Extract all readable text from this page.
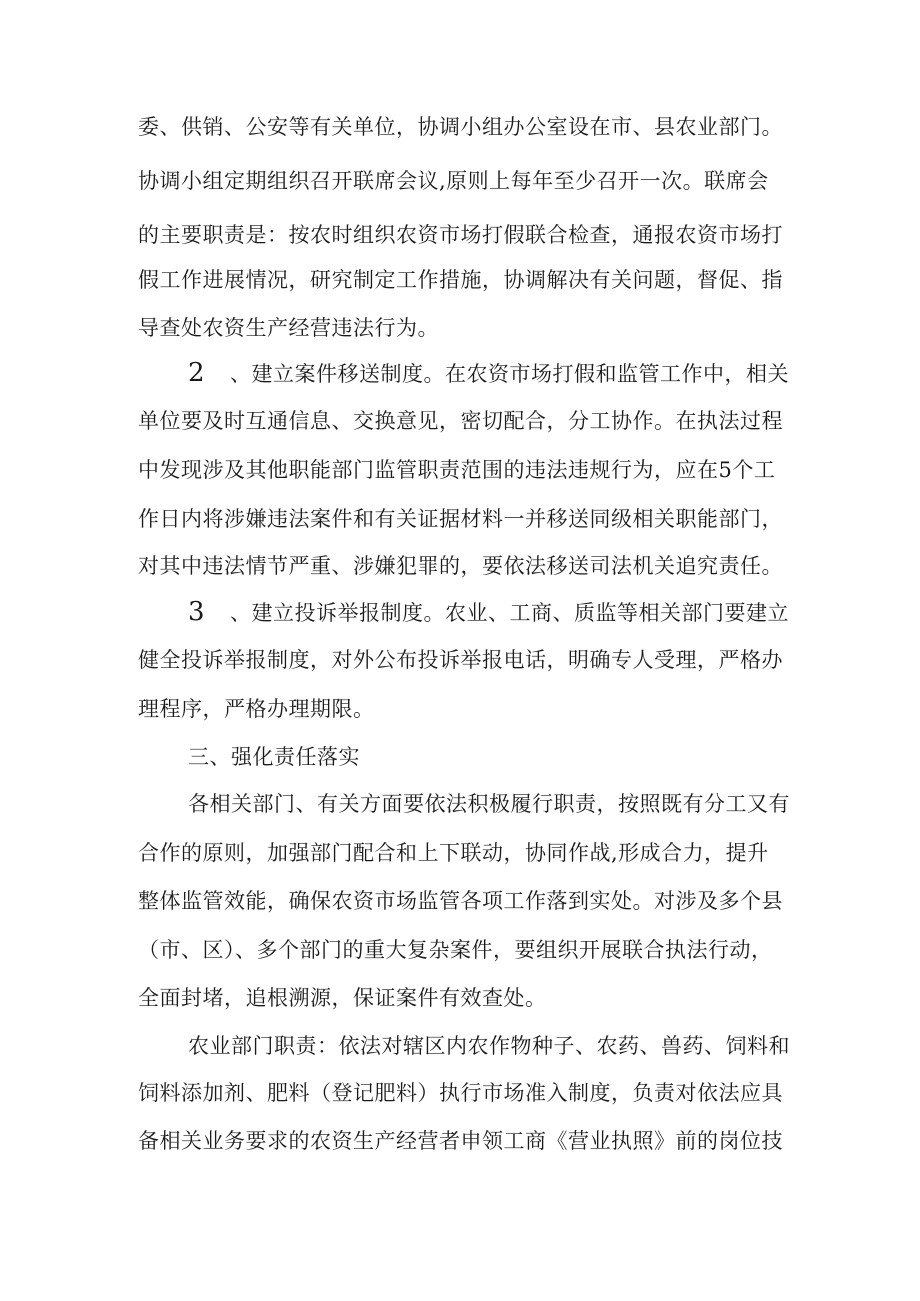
委、供销、公安等有关单位，协调小组办公室设在市、县农业部门。
协调小组定期组织召开联席会议,原则上每年至少召开一次。联席会
的主要职责是：按农时组织农资市场打假联合检查，通报农资市场打
假工作进展情况，研究制定工作措施，协调解决有关问题，督促、指
导查处农资生产经营违法行为。
2 、建立案件移送制度。在农资市场打假和监管工作中，相关
单位要及时互通信息、交换意见，密切配合，分工协作。在执法过程
中发现涉及其他职能部门监管职责范围的违法违规行为，应在5个工
作日内将涉嫌违法案件和有关证据材料一并移送同级相关职能部门，
对其中违法情节严重、涉嫌犯罪的，要依法移送司法机关追究责任。
3 、建立投诉举报制度。农业、工商、质监等相关部门要建立
健全投诉举报制度，对外公布投诉举报电话，明确专人受理，严格办
理程序，严格办理期限。
三、强化责任落实
各相关部门、有关方面要依法积极履行职责，按照既有分工又有
合作的原则，加强部门配合和上下联动，协同作战,形成合力，提升
整体监管效能，确保农资市场监管各项工作落到实处。对涉及多个县
（市、区）、多个部门的重大复杂案件，要组织开展联合执法行动，
全面封堵，追根溯源，保证案件有效查处。
农业部门职责：依法对辖区内农作物种子、农药、兽药、饲料和
饲料添加剂、肥料（登记肥料）执行市场准入制度，负责对依法应具
备相关业务要求的农资生产经营者申领工商《营业执照》前的岗位技
